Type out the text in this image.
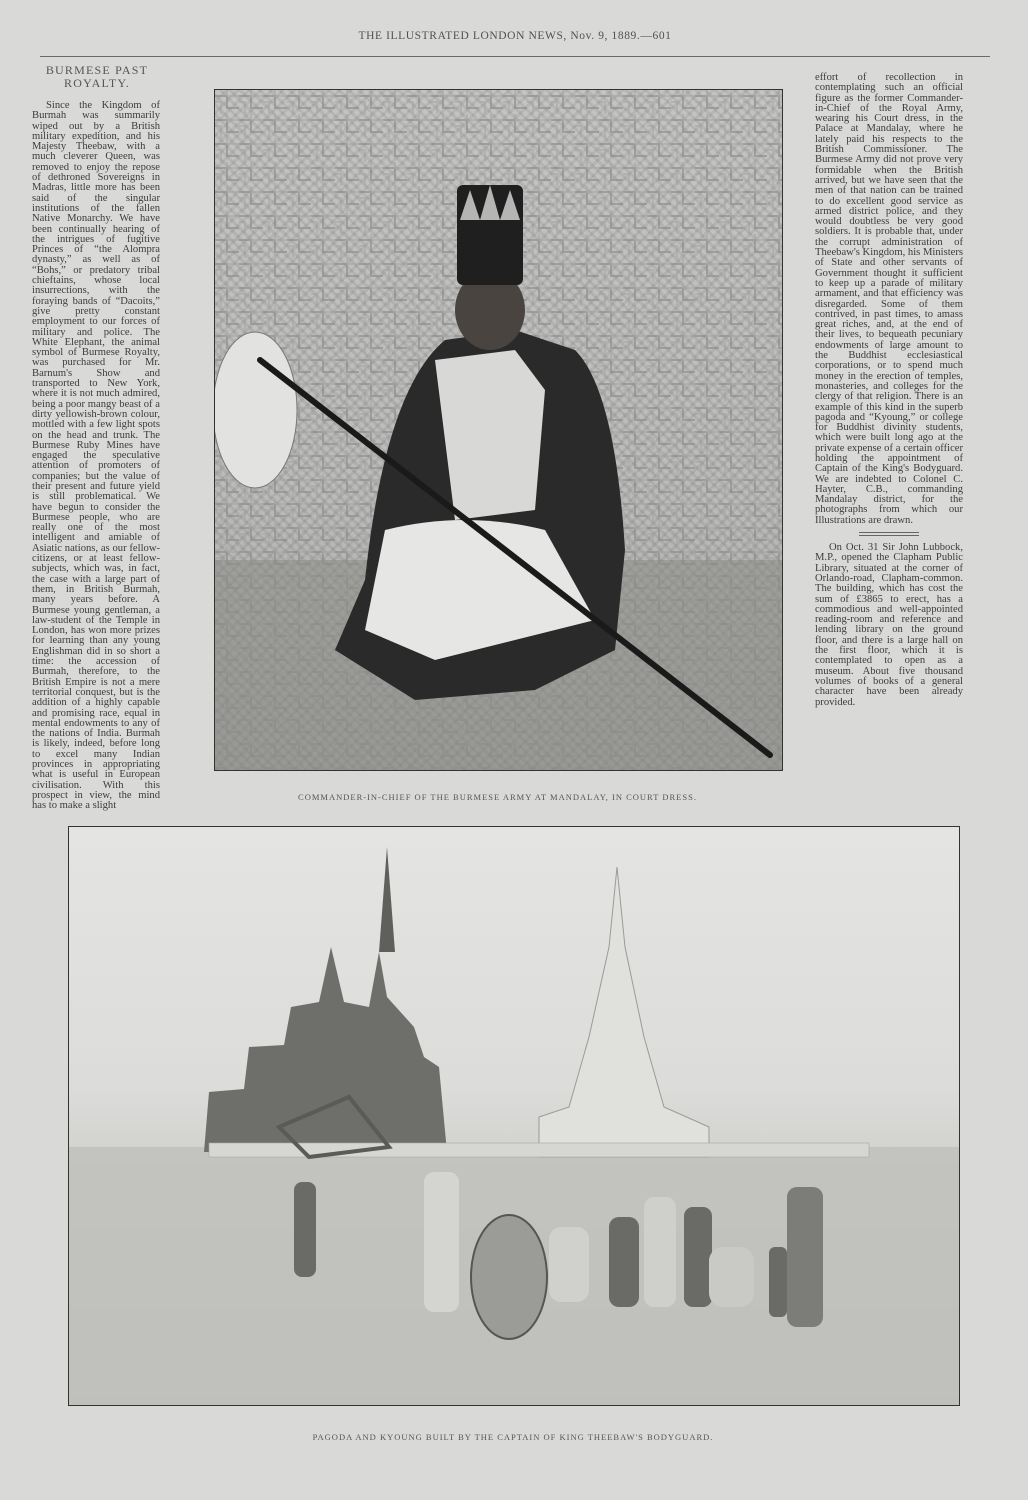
THE ILLUSTRATED LONDON NEWS, Nov. 9, 1889.—601
BURMESE PAST
ROYALTY.

Since the Kingdom of Burmah was summarily wiped out by a British military expedition, and his Majesty Theebaw, with a much cleverer Queen, was removed to enjoy the repose of dethroned Sovereigns in Madras, little more has been said of the singular institutions of the fallen Native Monarchy. We have been continually hearing of the intrigues of fugitive Princes of “the Alompra dynasty,” as well as of “Bohs,” or predatory tribal chieftains, whose local insurrections, with the foraying bands of “Dacoits,” give pretty constant employment to our forces of military and police. The White Elephant, the animal symbol of Burmese Royalty, was purchased for Mr. Barnum's Show and transported to New York, where it is not much admired, being a poor mangy beast of a dirty yellowish-brown colour, mottled with a few light spots on the head and trunk. The Burmese Ruby Mines have engaged the speculative attention of promoters of companies; but the value of their present and future yield is still problematical. We have begun to consider the Burmese people, who are really one of the most intelligent and amiable of Asiatic nations, as our fellow-citizens, or at least fellow-subjects, which was, in fact, the case with a large part of them, in British Burmah, many years before. A Burmese young gentleman, a law-student of the Temple in London, has won more prizes for learning than any young Englishman did in so short a time: the accession of Burmah, therefore, to the British Empire is not a mere territorial conquest, but is the addition of a highly capable and promising race, equal in mental endowments to any of the nations of India. Burmah is likely, indeed, before long to excel many Indian provinces in appropriating what is useful in European civilisation. With this prospect in view, the mind has to make a slight

COMMANDER-IN-CHIEF OF THE BURMESE ARMY AT MANDALAY, IN COURT DRESS.

effort of recollection in contemplating such an official figure as the former Commander-in-Chief of the Royal Army, wearing his Court dress, in the Palace at Mandalay, where he lately paid his respects to the British Commissioner. The Burmese Army did not prove very formidable when the British arrived, but we have seen that the men of that nation can be trained to do excellent good service as armed district police, and they would doubtless be very good soldiers. It is probable that, under the corrupt administration of Theebaw's Kingdom, his Ministers of State and other servants of Government thought it sufficient to keep up a parade of military armament, and that efficiency was disregarded. Some of them contrived, in past times, to amass great riches, and, at the end of their lives, to bequeath pecuniary endowments of large amount to the Buddhist ecclesiastical corporations, or to spend much money in the erection of temples, monasteries, and colleges for the clergy of that religion. There is an example of this kind in the superb pagoda and “Kyoung,” or college for Buddhist divinity students, which were built long ago at the private expense of a certain officer holding the appointment of Captain of the King's Bodyguard. We are indebted to Colonel C. Hayter, C.B., commanding Mandalay district, for the photographs from which our Illustrations are drawn.

On Oct. 31 Sir John Lubbock, M.P., opened the Clapham Public Library, situated at the corner of Orlando-road, Clapham-common. The building, which has cost the sum of £3865 to erect, has a commodious and well-appointed reading-room and reference and lending library on the ground floor, and there is a large hall on the first floor, which it is contemplated to open as a museum. About five thousand volumes of books of a general character have been already provided.

PAGODA AND KYOUNG BUILT BY THE CAPTAIN OF KING THEEBAW'S BODYGUARD.
